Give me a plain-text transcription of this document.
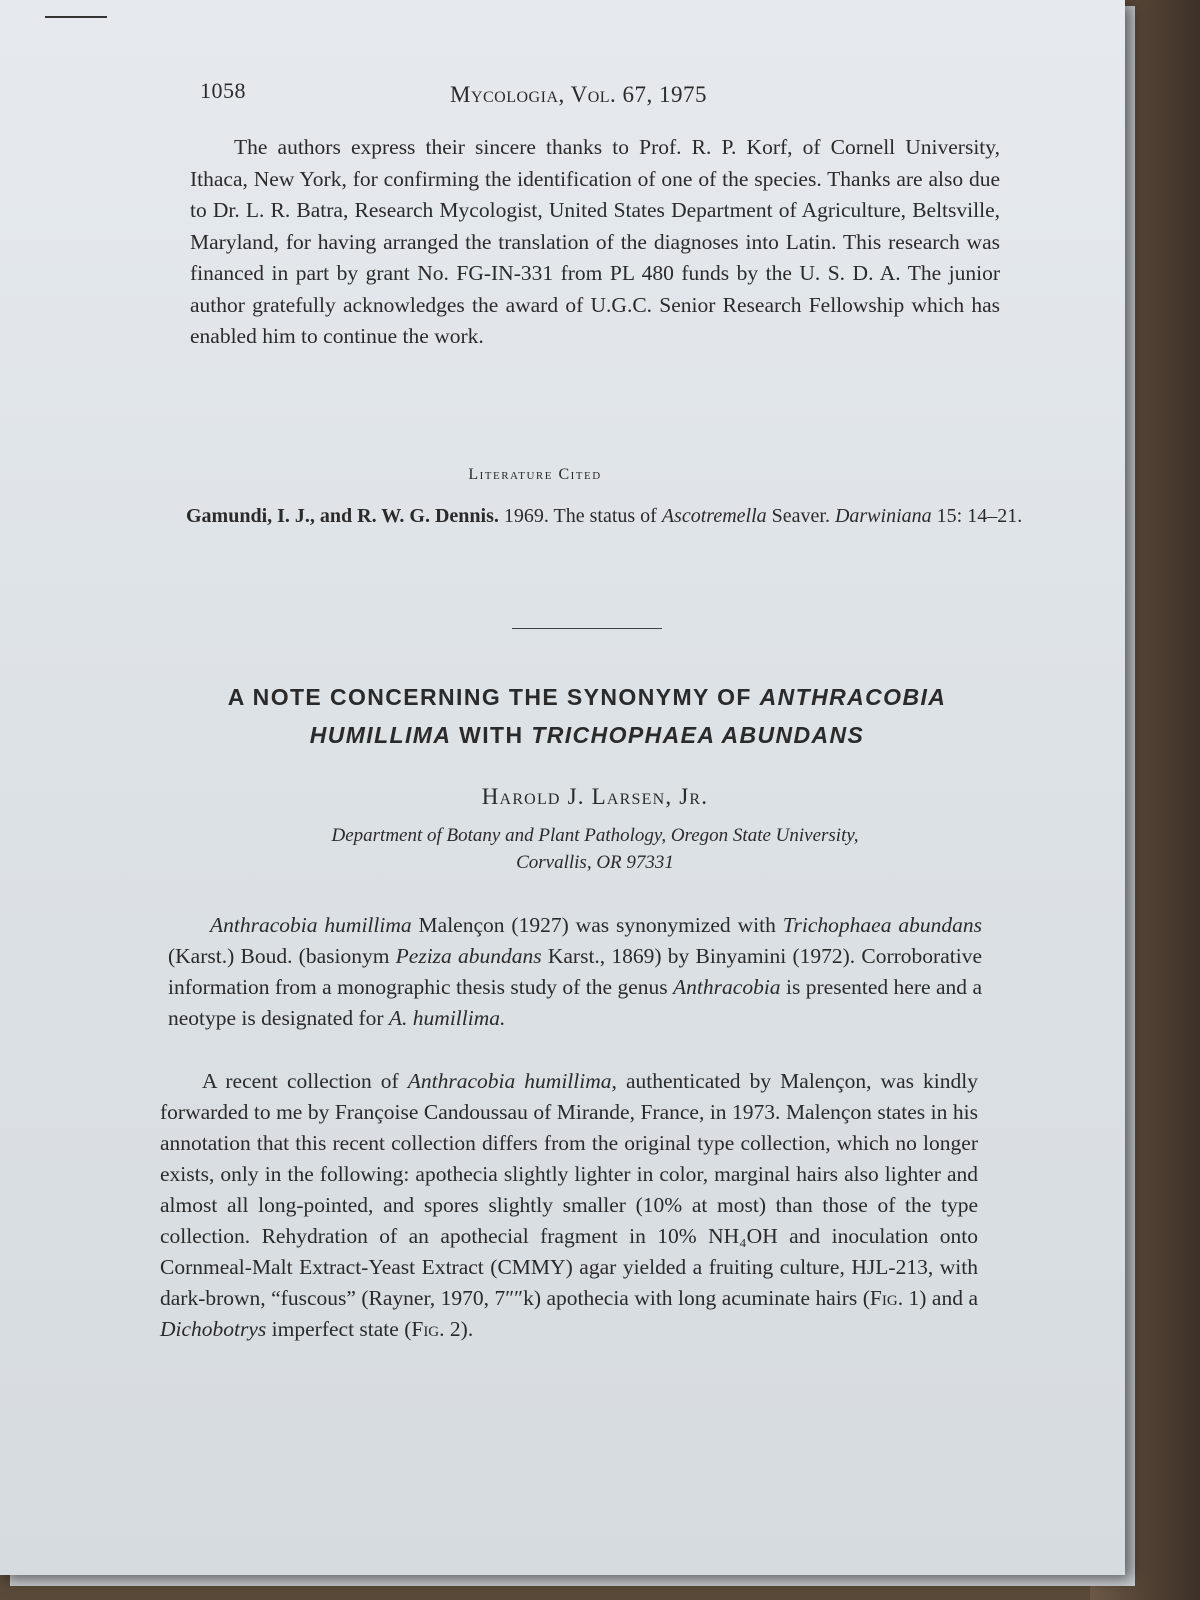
1058	Mycologia, Vol. 67, 1975

The authors express their sincere thanks to Prof. R. P. Korf, of Cornell University, Ithaca, New York, for confirming the identification of one of the species. Thanks are also due to Dr. L. R. Batra, Research Mycologist, United States Department of Agriculture, Beltsville, Maryland, for having arranged the translation of the diagnoses into Latin. This research was financed in part by grant No. FG-IN-331 from PL 480 funds by the U. S. D. A. The junior author gratefully acknowledges the award of U.G.C. Senior Research Fellowship which has enabled him to continue the work.

Literature Cited
Gamundi, I. J., and R. W. G. Dennis. 1969. The status of Ascotremella Seaver. Darwiniana 15: 14–21.
A NOTE CONCERNING THE SYNONYMY OF ANTHRACOBIA HUMILLIMA WITH TRICHOPHAEA ABUNDANS
Harold J. Larsen, Jr.
Department of Botany and Plant Pathology, Oregon State University,
Corvallis, OR 97331

Anthracobia humillima Malençon (1927) was synonymized with Trichophaea abundans (Karst.) Boud. (basionym Peziza abundans Karst., 1869) by Binyamini (1972). Corroborative information from a monographic thesis study of the genus Anthracobia is presented here and a neotype is designated for A. humillima.

A recent collection of Anthracobia humillima, authenticated by Malençon, was kindly forwarded to me by Françoise Candoussau of Mirande, France, in 1973. Malençon states in his annotation that this recent collection differs from the original type collection, which no longer exists, only in the following: apothecia slightly lighter in color, marginal hairs also lighter and almost all long-pointed, and spores slightly smaller (10% at most) than those of the type collection. Rehydration of an apothecial fragment in 10% NH₄OH and inoculation onto Cornmeal-Malt Extract-Yeast Extract (CMMY) agar yielded a fruiting culture, HJL-213, with dark-brown, “fuscous” (Rayner, 1970, 7″″k) apothecia with long acuminate hairs (Fig. 1) and a Dichobotrys imperfect state (Fig. 2).
